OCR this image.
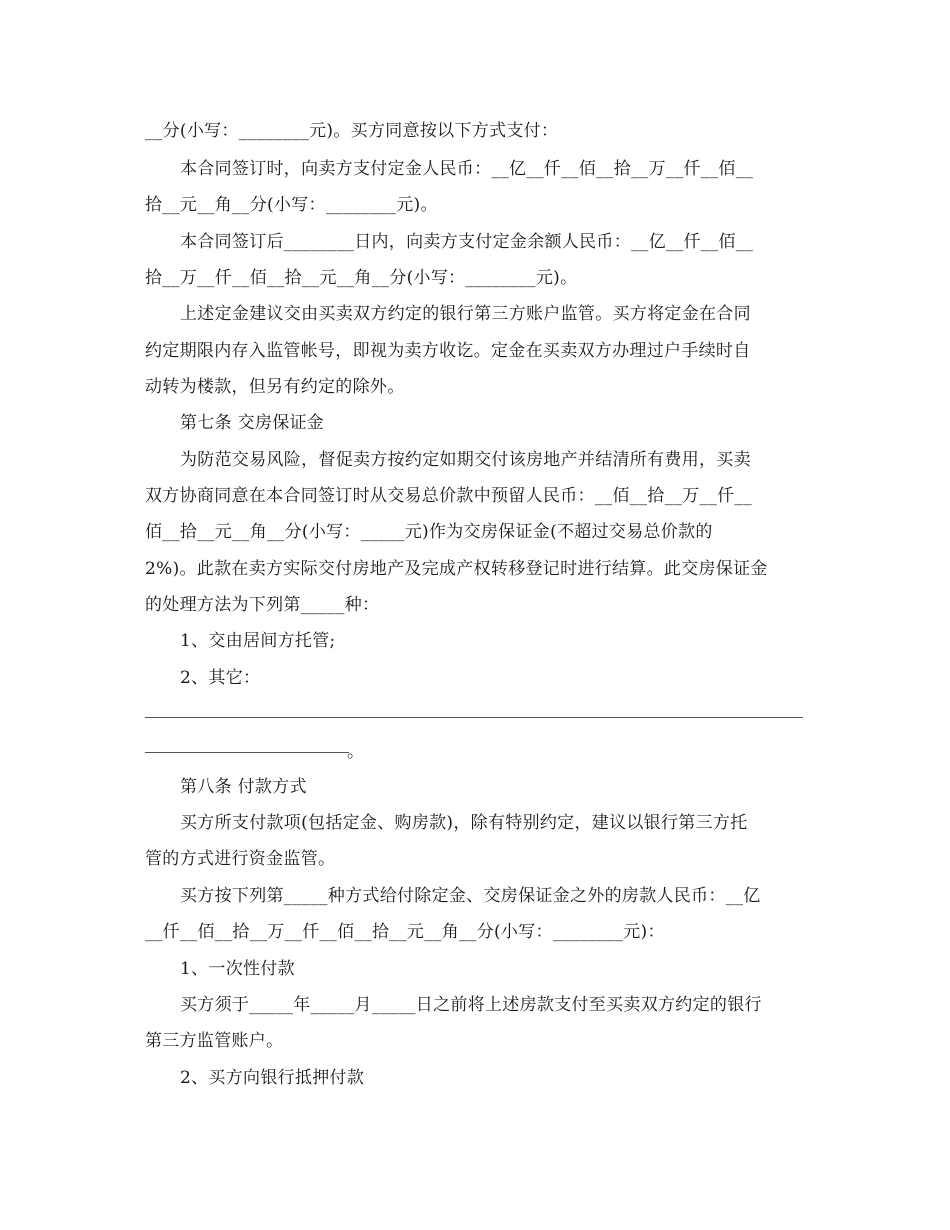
__分(小写：________元)。买方同意按以下方式支付：
本合同签订时，向卖方支付定金人民币：__亿__仟__佰__拾__万__仟__佰__
拾__元__角__分(小写：________元)。
本合同签订后________日内，向卖方支付定金余额人民币：__亿__仟__佰__
拾__万__仟__佰__拾__元__角__分(小写：________元)。
上述定金建议交由买卖双方约定的银行第三方账户监管。买方将定金在合同
约定期限内存入监管帐号，即视为卖方收讫。定金在买卖双方办理过户手续时自
动转为楼款，但另有约定的除外。
第七条 交房保证金
为防范交易风险，督促卖方按约定如期交付该房地产并结清所有费用，买卖
双方协商同意在本合同签订时从交易总价款中预留人民币：__佰__拾__万__仟__
佰__拾__元__角__分(小写：_____元)作为交房保证金(不超过交易总价款的
2%)。此款在卖方实际交付房地产及完成产权转移登记时进行结算。此交房保证金
的处理方法为下列第_____种：
1、交由居间方托管;
2、其它：
。
第八条 付款方式
买方所支付款项(包括定金、购房款)，除有特别约定，建议以银行第三方托
管的方式进行资金监管。
买方按下列第_____种方式给付除定金、交房保证金之外的房款人民币：__亿
__仟__佰__拾__万__仟__佰__拾__元__角__分(小写：________元)：
1、一次性付款
买方须于_____年_____月_____日之前将上述房款支付至买卖双方约定的银行
第三方监管账户。
2、买方向银行抵押付款
